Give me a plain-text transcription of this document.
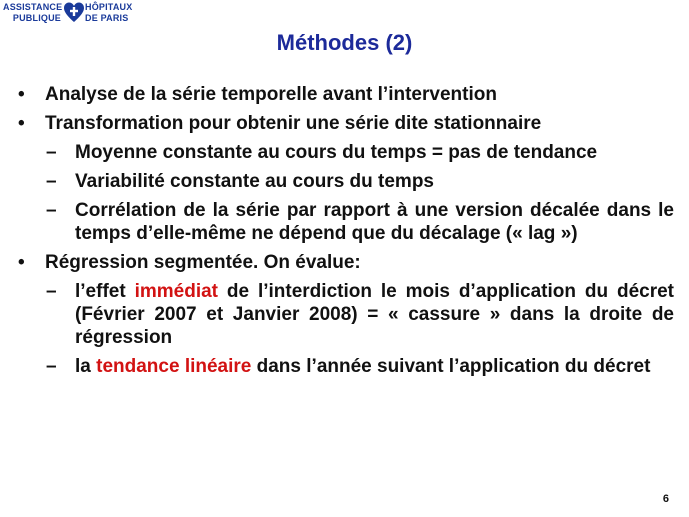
ASSISTANCE
PUBLIQUE
HÔPITAUX
DE PARIS
Méthodes (2)
• Analyse de la série temporelle avant l’intervention
• Transformation pour obtenir une série dite stationnaire
– Moyenne constante au cours du temps = pas de tendance
– Variabilité constante au cours du temps
– Corrélation de la série par rapport à une version décalée dans le temps d’elle-même ne dépend que du décalage (« lag »)
• Régression segmentée. On évalue:
– l’effet immédiat de l’interdiction le mois d’application du décret (Février 2007 et Janvier 2008) = « cassure » dans la droite de régression
– la tendance linéaire dans l’année suivant l’application du décret
6
